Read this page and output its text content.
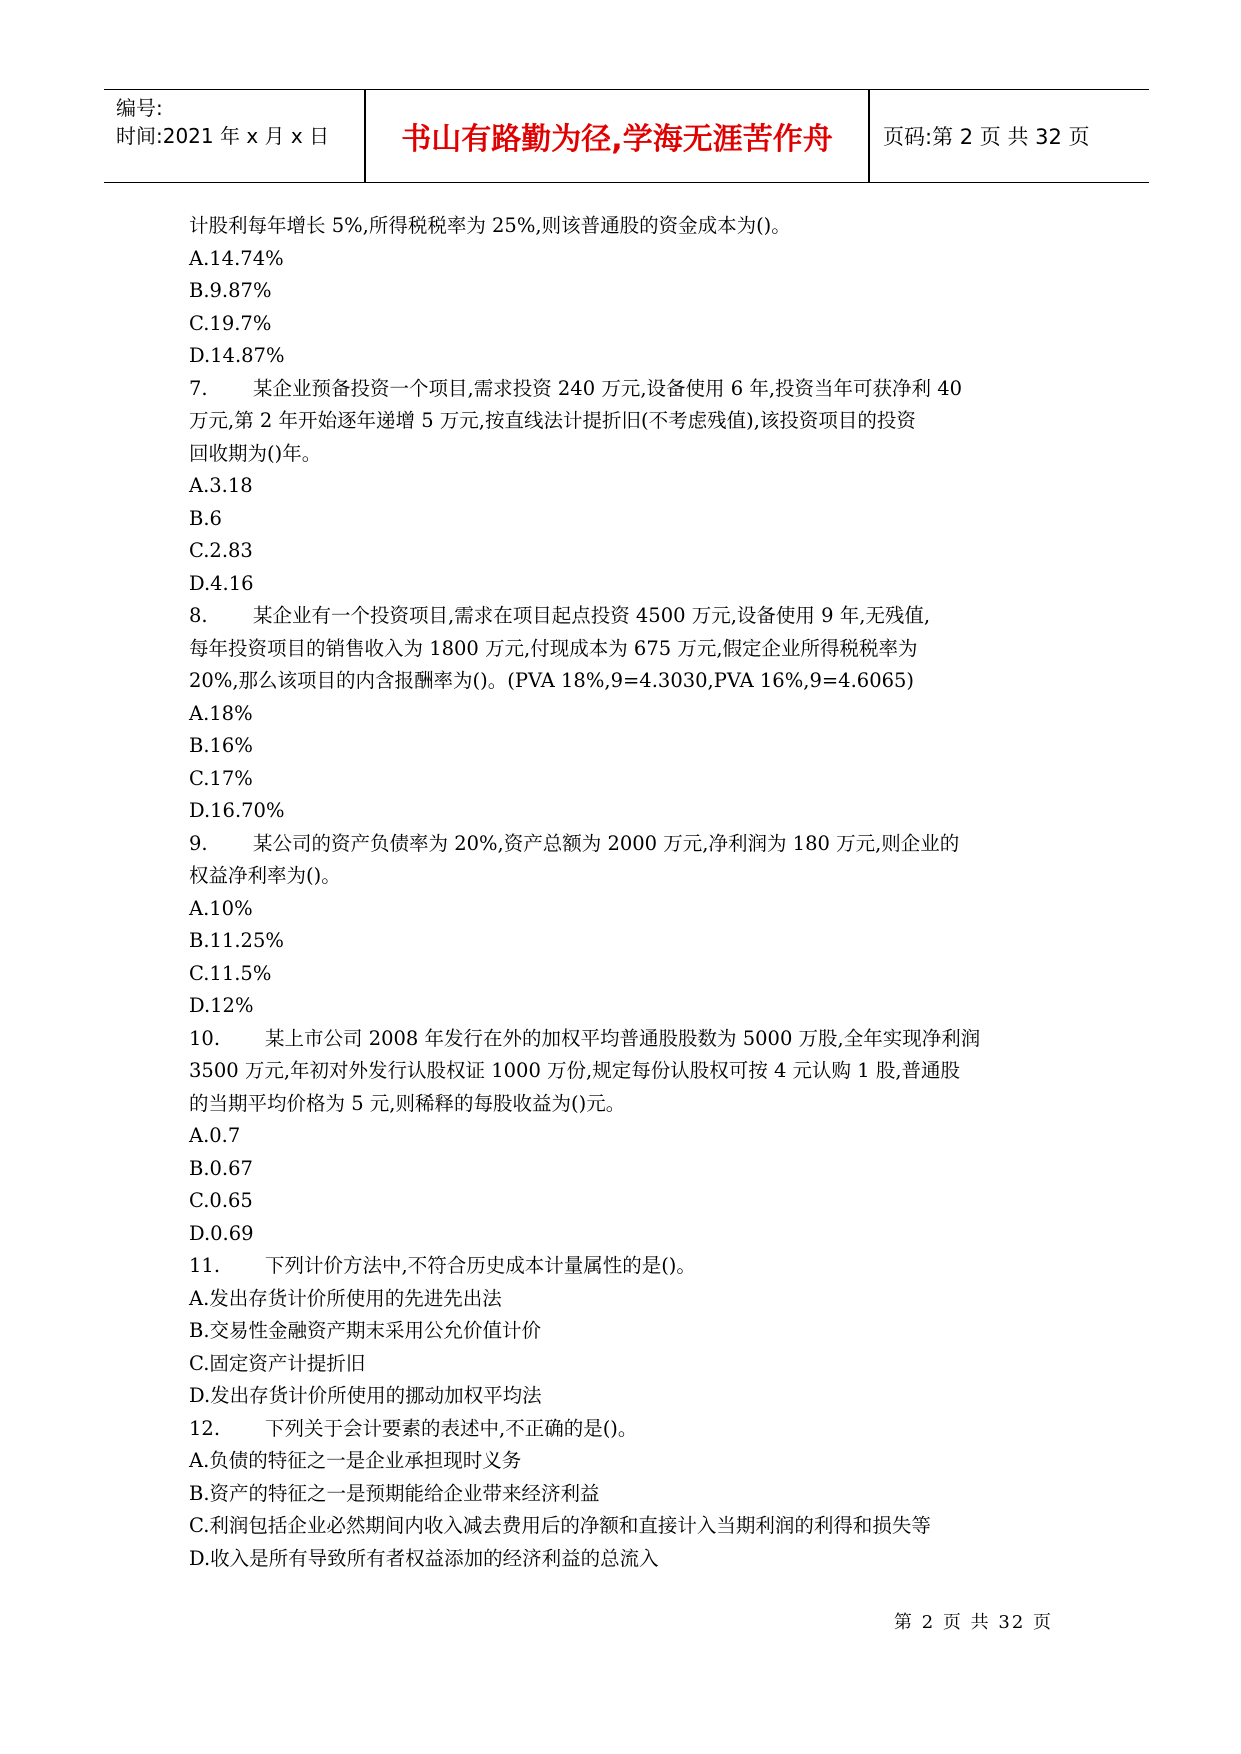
编号:
时间:2021 年 x 月 x 日	书山有路勤为径,学海无涯苦作舟	页码:第 2 页 共 32 页
计股利每年增长 5%,所得税税率为 25%,则该普通股的资金成本为()。
A.14.74%
B.9.87%
C.19.7%
D.14.87%
7. 某企业预备投资一个项目,需求投资 240 万元,设备使用 6 年,投资当年可获净利 40
万元,第 2 年开始逐年递增 5 万元,按直线法计提折旧(不考虑残值),该投资项目的投资
回收期为()年。
A.3.18
B.6
C.2.83
D.4.16
8. 某企业有一个投资项目,需求在项目起点投资 4500 万元,设备使用 9 年,无残值,
每年投资项目的销售收入为 1800 万元,付现成本为 675 万元,假定企业所得税税率为
20%,那么该项目的内含报酬率为()。(PVA 18%,9=4.3030,PVA 16%,9=4.6065)
A.18%
B.16%
C.17%
D.16.70%
9. 某公司的资产负债率为 20%,资产总额为 2000 万元,净利润为 180 万元,则企业的
权益净利率为()。
A.10%
B.11.25%
C.11.5%
D.12%
10. 某上市公司 2008 年发行在外的加权平均普通股股数为 5000 万股,全年实现净利润
3500 万元,年初对外发行认股权证 1000 万份,规定每份认股权可按 4 元认购 1 股,普通股
的当期平均价格为 5 元,则稀释的每股收益为()元。
A.0.7
B.0.67
C.0.65
D.0.69
11. 下列计价方法中,不符合历史成本计量属性的是()。
A.发出存货计价所使用的先进先出法
B.交易性金融资产期末采用公允价值计价
C.固定资产计提折旧
D.发出存货计价所使用的挪动加权平均法
12. 下列关于会计要素的表述中,不正确的是()。
A.负债的特征之一是企业承担现时义务
B.资产的特征之一是预期能给企业带来经济利益
C.利润包括企业必然期间内收入减去费用后的净额和直接计入当期利润的利得和损失等
D.收入是所有导致所有者权益添加的经济利益的总流入
第 2 页 共 32 页
